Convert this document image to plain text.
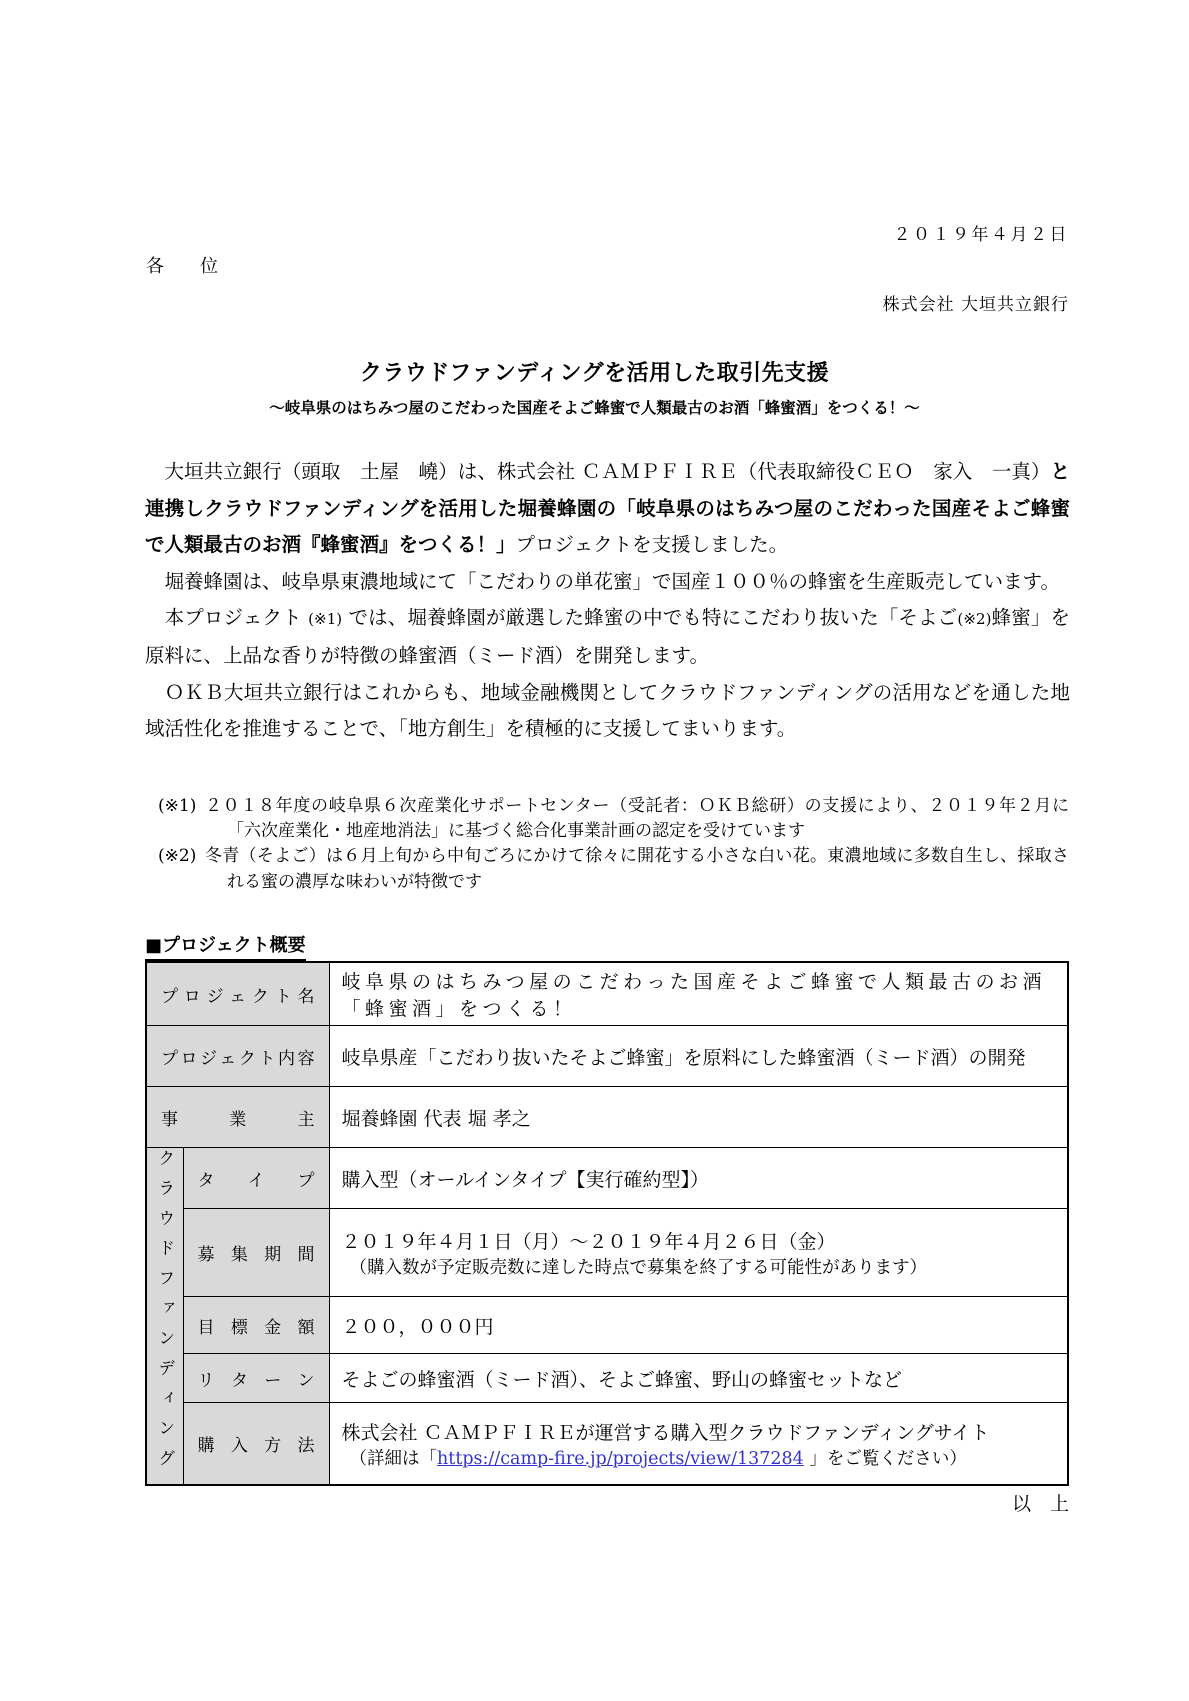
２０１９年４月２日
各　　位
株式会社 大垣共立銀行
クラウドファンディングを活用した取引先支援
～岐阜県のはちみつ屋のこだわった国産そよご蜂蜜で人類最古のお酒「蜂蜜酒」をつくる！～

　大垣共立銀行（頭取　土屋　嶢）は、株式会社 ＣＡＭＰＦＩＲＥ（代表取締役ＣＥＯ　家入　一真）と連携しクラウドファンディングを活用した堀養蜂園の「岐阜県のはちみつ屋のこだわった国産そよご蜂蜜で人類最古のお酒『蜂蜜酒』をつくる！」プロジェクトを支援しました。

　堀養蜂園は、岐阜県東濃地域にて「こだわりの単花蜜」で国産１００％の蜂蜜を生産販売しています。

　本プロジェクト (※1) では、堀養蜂園が厳選した蜂蜜の中でも特にこだわり抜いた「そよご(※2)蜂蜜」を原料に、上品な香りが特徴の蜂蜜酒（ミード酒）を開発します。

　ＯＫＢ大垣共立銀行はこれからも、地域金融機関としてクラウドファンディングの活用などを通した地域活性化を推進することで、「地方創生」を積極的に支援してまいります。

(※1) ２０１８年度の岐阜県６次産業化サポートセンター（受託者：ＯＫＢ総研）の支援により、２０１９年２月に「六次産業化・地産地消法」に基づく総合化事業計画の認定を受けています
(※2) 冬青（そよご）は６月上旬から中旬ごろにかけて徐々に開花する小さな白い花。東濃地域に多数自生し、採取される蜜の濃厚な味わいが特徴です
■プロジェクト概要
プロジェクト名		岐阜県のはちみつ屋のこだわった国産そよご蜂蜜で人類最古のお酒
「蜂蜜酒」をつくる！

プロジェクト内容		岐阜県産「こだわり抜いたそよご蜂蜜」を原料にした蜂蜜酒（ミード酒）の開発
事業主		堀養蜂園 代表 堀 孝之
クラウドファンディング	タイプ	購入型（オールインタイプ【実行確約型】）
	募集期間	２０１９年４月１日（月）～２０１９年４月２６日（金）
（購入数が予定販売数に達した時点で募集を終了する可能性があります）

	目標金額	２００，０００円
	リターン	そよごの蜂蜜酒（ミード酒）、そよご蜂蜜、野山の蜂蜜セットなど
	購入方法	株式会社 ＣＡＭＰＦＩＲＥが運営する購入型クラウドファンディングサイト
（詳細は「https://camp-fire.jp/projects/view/137284 」をご覧ください）
以　上
